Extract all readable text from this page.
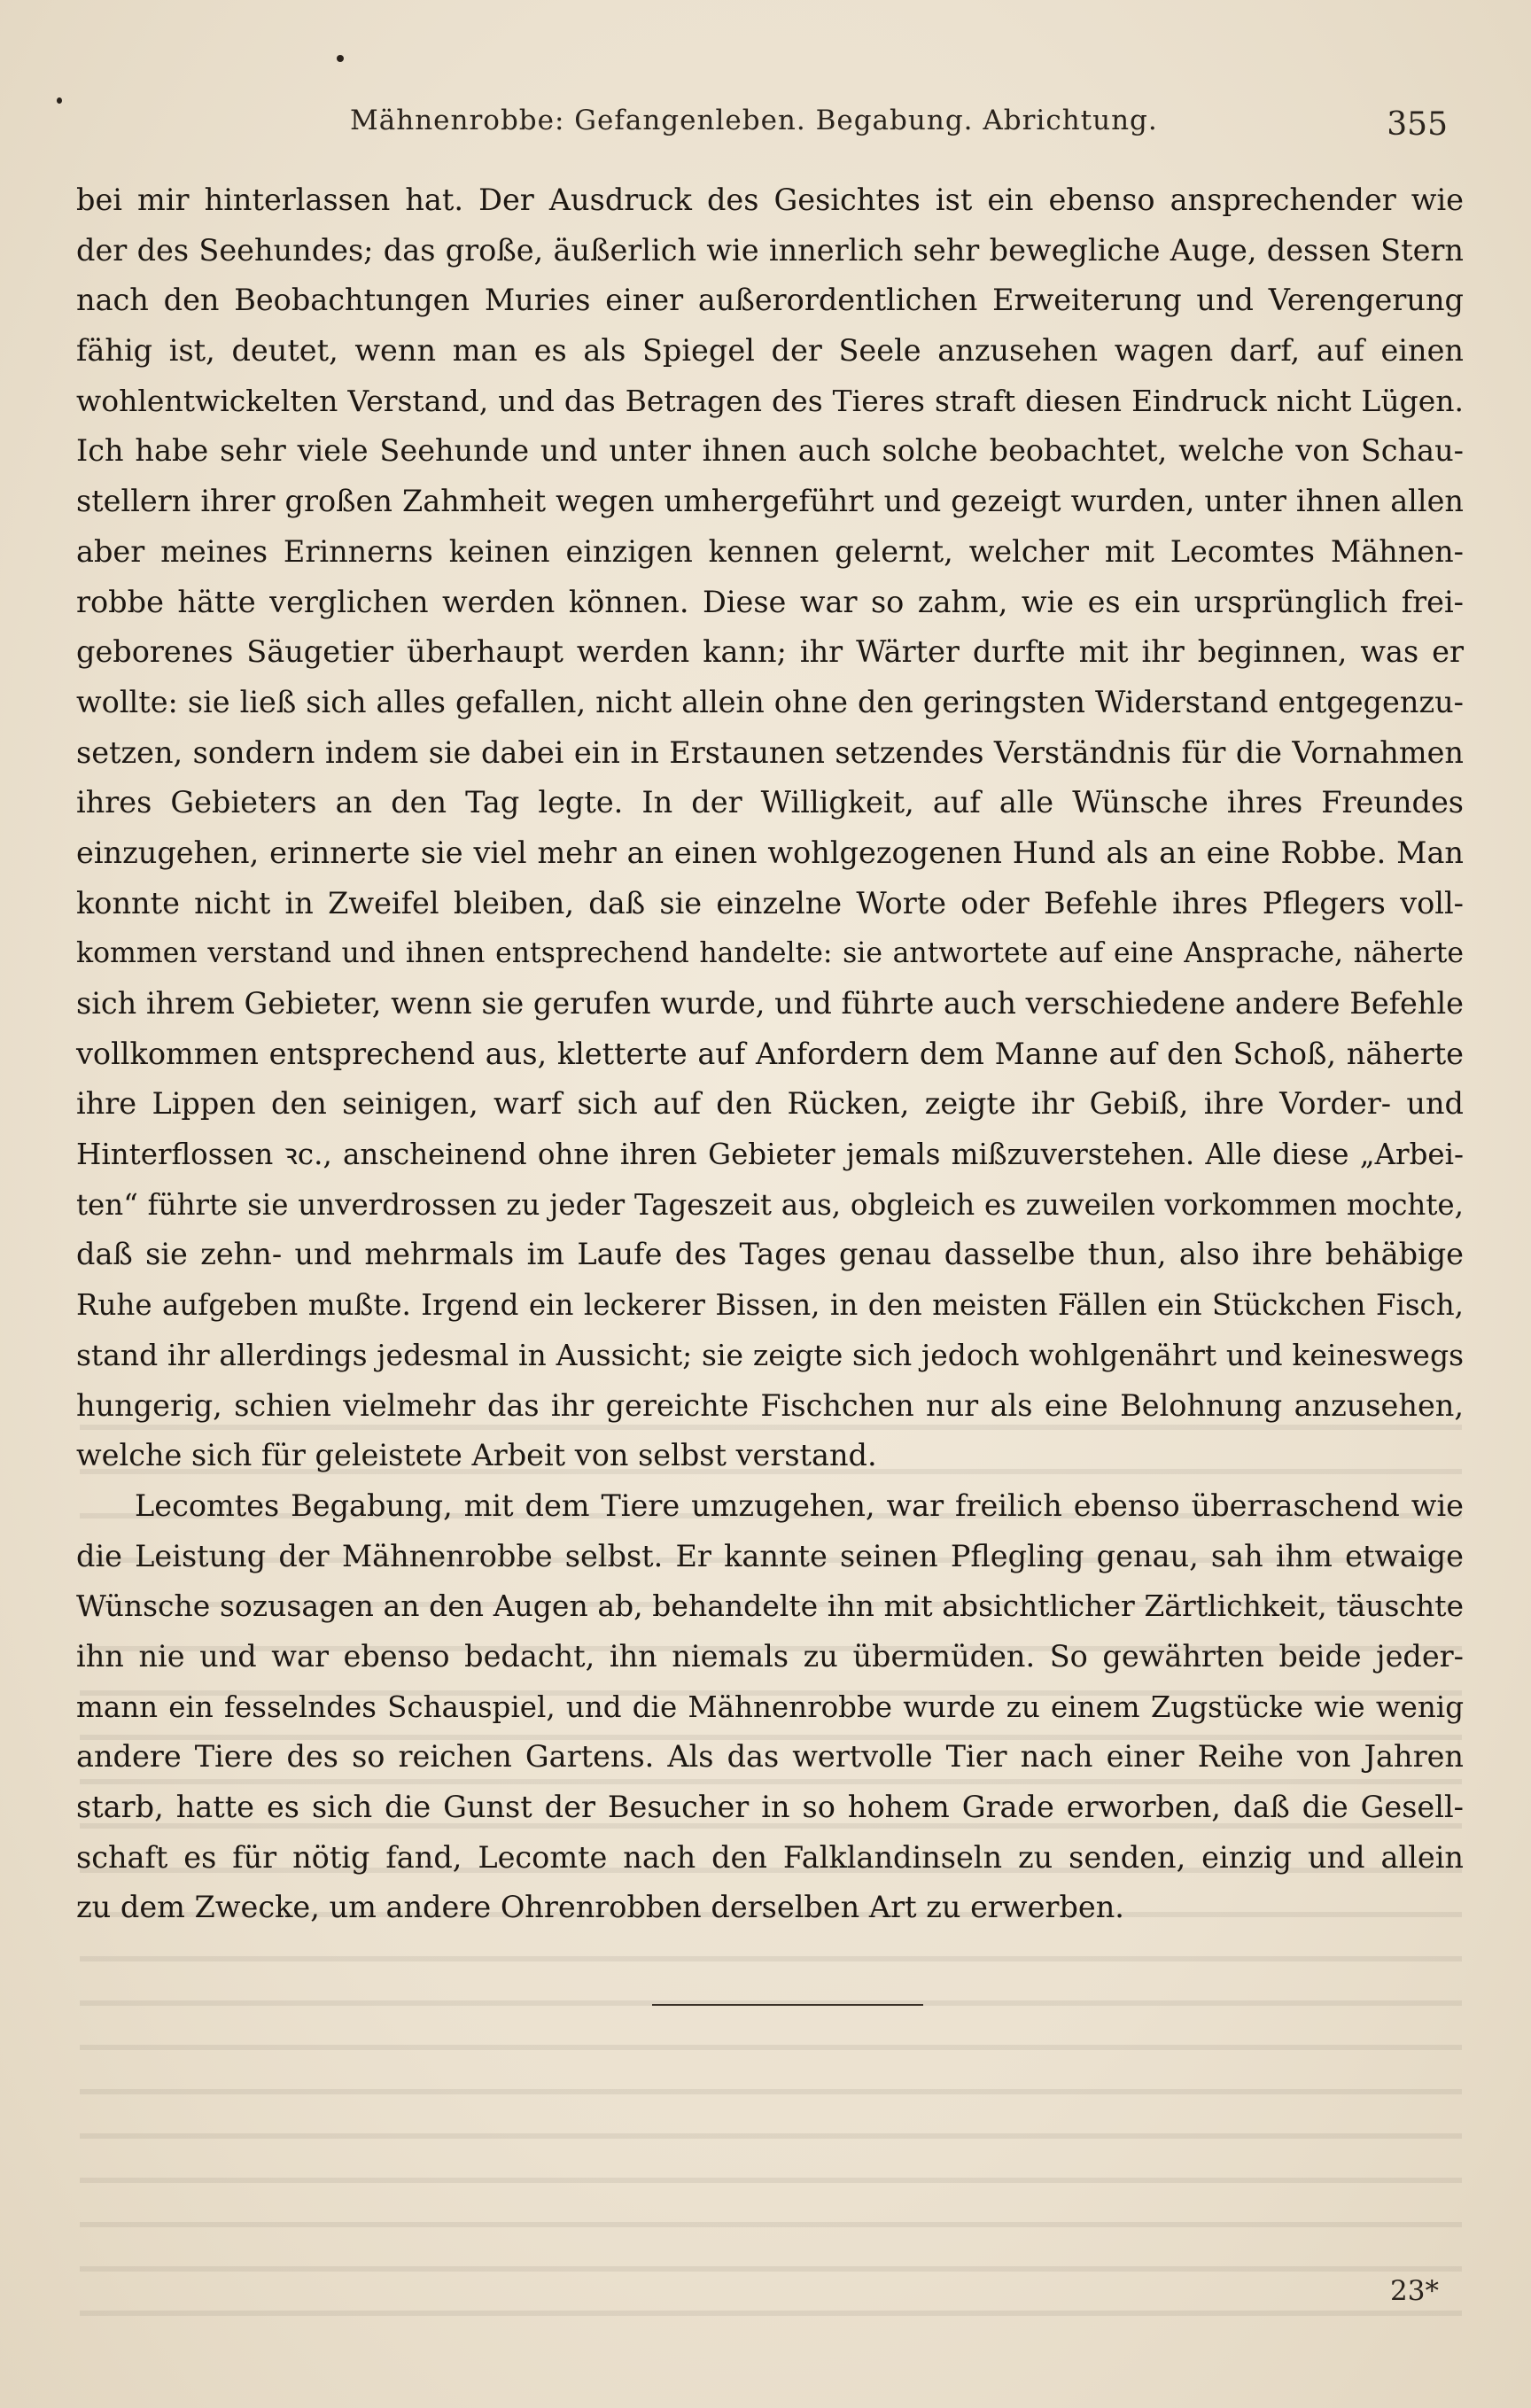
Mähnenrobbe: Gefangenleben. Begabung. Abrichtung.	355
bei mir hinterlassen hat. Der Ausdruck des Gesichtes ist ein ebenso ansprechender wie
der des Seehundes; das große, äußerlich wie innerlich sehr bewegliche Auge, dessen Stern
nach den Beobachtungen Muries einer außerordentlichen Erweiterung und Verengerung
fähig ist, deutet, wenn man es als Spiegel der Seele anzusehen wagen darf, auf einen
wohlentwickelten Verstand, und das Betragen des Tieres straft diesen Eindruck nicht Lügen.
Ich habe sehr viele Seehunde und unter ihnen auch solche beobachtet, welche von Schau-
stellern ihrer großen Zahmheit wegen umhergeführt und gezeigt wurden, unter ihnen allen
aber meines Erinnerns keinen einzigen kennen gelernt, welcher mit Lecomtes Mähnen-
robbe hätte verglichen werden können. Diese war so zahm, wie es ein ursprünglich frei-
geborenes Säugetier überhaupt werden kann; ihr Wärter durfte mit ihr beginnen, was er
wollte: sie ließ sich alles gefallen, nicht allein ohne den geringsten Widerstand entgegenzu-
setzen, sondern indem sie dabei ein in Erstaunen setzendes Verständnis für die Vornahmen
ihres Gebieters an den Tag legte. In der Willigkeit, auf alle Wünsche ihres Freundes
einzugehen, erinnerte sie viel mehr an einen wohlgezogenen Hund als an eine Robbe. Man
konnte nicht in Zweifel bleiben, daß sie einzelne Worte oder Befehle ihres Pflegers voll-
kommen verstand und ihnen entsprechend handelte: sie antwortete auf eine Ansprache, näherte
sich ihrem Gebieter, wenn sie gerufen wurde, und führte auch verschiedene andere Befehle
vollkommen entsprechend aus, kletterte auf Anfordern dem Manne auf den Schoß, näherte
ihre Lippen den seinigen, warf sich auf den Rücken, zeigte ihr Gebiß, ihre Vorder- und
Hinterflossen ꝛc., anscheinend ohne ihren Gebieter jemals mißzuverstehen. Alle diese „Arbei-
ten“ führte sie unverdrossen zu jeder Tageszeit aus, obgleich es zuweilen vorkommen mochte,
daß sie zehn- und mehrmals im Laufe des Tages genau dasselbe thun, also ihre behäbige
Ruhe aufgeben mußte. Irgend ein leckerer Bissen, in den meisten Fällen ein Stückchen Fisch,
stand ihr allerdings jedesmal in Aussicht; sie zeigte sich jedoch wohlgenährt und keineswegs
hungerig, schien vielmehr das ihr gereichte Fischchen nur als eine Belohnung anzusehen,
welche sich für geleistete Arbeit von selbst verstand.
Lecomtes Begabung, mit dem Tiere umzugehen, war freilich ebenso überraschend wie
die Leistung der Mähnenrobbe selbst. Er kannte seinen Pflegling genau, sah ihm etwaige
Wünsche sozusagen an den Augen ab, behandelte ihn mit absichtlicher Zärtlichkeit, täuschte
ihn nie und war ebenso bedacht, ihn niemals zu übermüden. So gewährten beide jeder-
mann ein fesselndes Schauspiel, und die Mähnenrobbe wurde zu einem Zugstücke wie wenig
andere Tiere des so reichen Gartens. Als das wertvolle Tier nach einer Reihe von Jahren
starb, hatte es sich die Gunst der Besucher in so hohem Grade erworben, daß die Gesell-
schaft es für nötig fand, Lecomte nach den Falklandinseln zu senden, einzig und allein
zu dem Zwecke, um andere Ohrenrobben derselben Art zu erwerben.
23*
